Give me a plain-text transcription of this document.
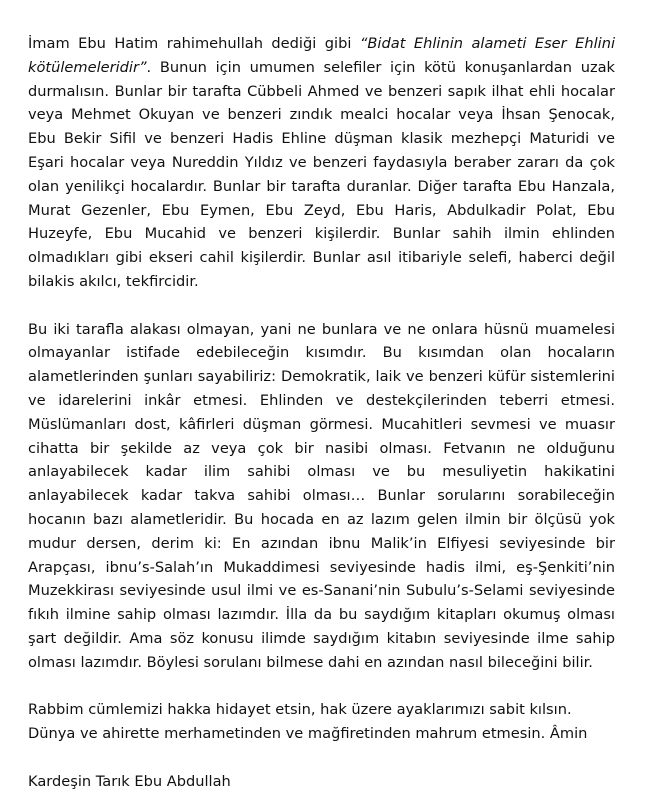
İmam Ebu Hatim rahimehullah dediği gibi “Bidat Ehlinin alameti Eser Ehlini kötülemeleridir”. Bunun için umumen selefiler için kötü konuşanlardan uzak durmalısın. Bunlar bir tarafta Cübbeli Ahmed ve benzeri sapık ilhat ehli hocalar veya Mehmet Okuyan ve benzeri zındık mealci hocalar veya İhsan Şenocak, Ebu Bekir Sifil ve benzeri Hadis Ehline düşman klasik mezhepçi Maturidi ve Eşari hocalar veya Nureddin Yıldız ve benzeri faydasıyla beraber zararı da çok olan yenilikçi hocalardır. Bunlar bir tarafta duranlar. Diğer tarafta Ebu Hanzala, Murat Gezenler, Ebu Eymen, Ebu Zeyd, Ebu Haris, Abdulkadir Polat, Ebu Huzeyfe, Ebu Mucahid ve benzeri kişilerdir. Bunlar sahih ilmin ehlinden olmadıkları gibi ekseri cahil kişilerdir. Bunlar asıl itibariyle selefi, haberci değil bilakis akılcı, tekfircidir.

Bu iki tarafla alakası olmayan, yani ne bunlara ve ne onlara hüsnü muamelesi olmayanlar istifade edebileceğin kısımdır. Bu kısımdan olan hocaların alametlerinden şunları sayabiliriz: Demokratik, laik ve benzeri küfür sistemlerini ve idarelerini inkâr etmesi. Ehlinden ve destekçilerinden teberri etmesi. Müslümanları dost, kâfirleri düşman görmesi. Mucahitleri sevmesi ve muasır cihatta bir şekilde az veya çok bir nasibi olması. Fetvanın ne olduğunu anlayabilecek kadar ilim sahibi olması ve bu mesuliyetin hakikatini anlayabilecek kadar takva sahibi olması… Bunlar sorularını sorabileceğin hocanın bazı alametleridir. Bu hocada en az lazım gelen ilmin bir ölçüsü yok mudur dersen, derim ki: En azından ibnu Malik’in Elfiyesi seviyesinde bir Arapçası, ibnu’s-Salah’ın Mukaddimesi seviyesinde hadis ilmi, eş-Şenkiti’nin Muzekkirası seviyesinde usul ilmi ve es-Sanani’nin Subulu’s-Selami seviyesinde fıkıh ilmine sahip olması lazımdır. İlla da bu saydığım kitapları okumuş olması şart değildir. Ama söz konusu ilimde saydığım kitabın seviyesinde ilme sahip olması lazımdır. Böylesi sorulanı bilmese dahi en azından nasıl bileceğini bilir.

Rabbim cümlemizi hakka hidayet etsin, hak üzere ayaklarımızı sabit kılsın. Dünya ve ahirette merhametinden ve mağfiretinden mahrum etmesin. Âmin

Kardeşin Tarık Ebu Abdullah
